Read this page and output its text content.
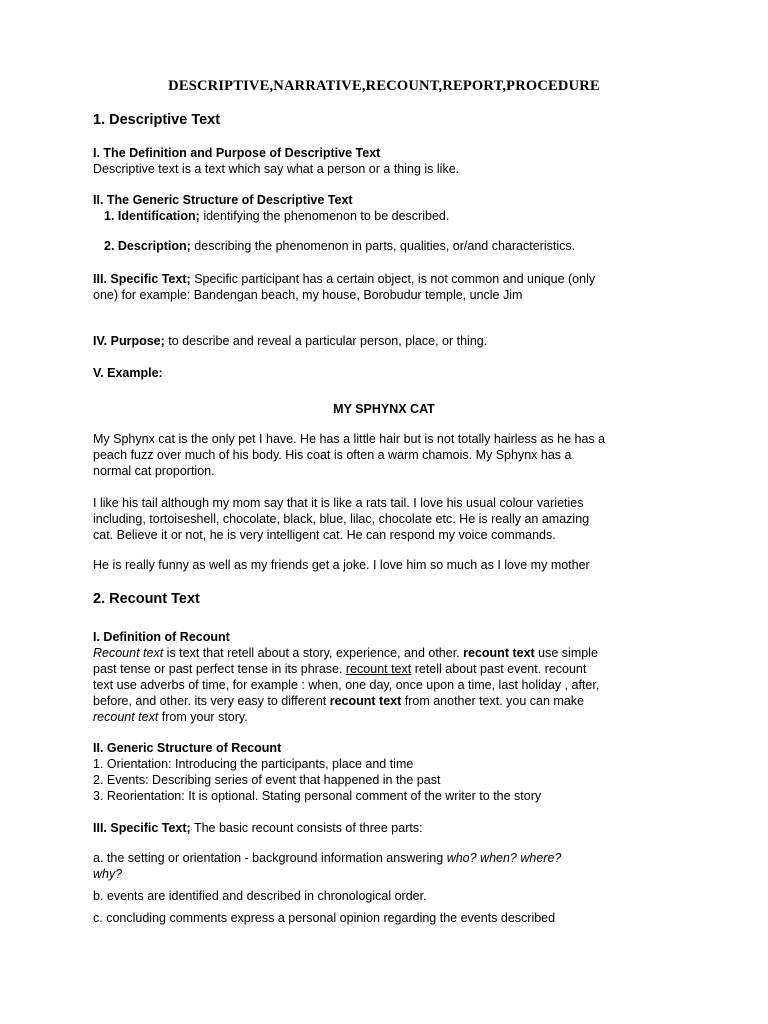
DESCRIPTIVE,NARRATIVE,RECOUNT,REPORT,PROCEDURE
1. Descriptive Text
I. The Definition and Purpose of Descriptive Text
Descriptive text is a text which say what a person or a thing is like.
II. The Generic Structure of Descriptive Text
1. Identification; identifying the phenomenon to be described.
2. Description; describing the phenomenon in parts, qualities, or/and characteristics.
III. Specific Text; Specific participant has a certain object, is not common and unique (only
one) for example: Bandengan beach, my house, Borobudur temple, uncle Jim
IV. Purpose; to describe and reveal a particular person, place, or thing.
V. Example:
MY SPHYNX CAT
My Sphynx cat is the only pet I have. He has a little hair but is not totally hairless as he has a
peach fuzz over much of his body. His coat is often a warm chamois. My Sphynx has a
normal cat proportion.
I like his tail although my mom say that it is like a rats tail. I love his usual colour varieties
including, tortoiseshell, chocolate, black, blue, lilac, chocolate etc. He is really an amazing
cat. Believe it or not, he is very intelligent cat. He can respond my voice commands.
He is really funny as well as my friends get a joke. I love him so much as I love my mother
2. Recount Text
I. Definition of Recount
Recount text is text that retell about a story, experience, and other. recount text use simple
past tense or past perfect tense in its phrase. recount text retell about past event. recount
text use adverbs of time, for example : when, one day, once upon a time, last holiday , after,
before, and other. its very easy to different recount text from another text. you can make
recount text from your story.
II. Generic Structure of Recount
1. Orientation: Introducing the participants, place and time
2. Events: Describing series of event that happened in the past
3. Reorientation: It is optional. Stating personal comment of the writer to the story
III. Specific Text; The basic recount consists of three parts:
a. the setting or orientation - background information answering who? when? where?
why?
b. events are identified and described in chronological order.
c. concluding comments express a personal opinion regarding the events described
